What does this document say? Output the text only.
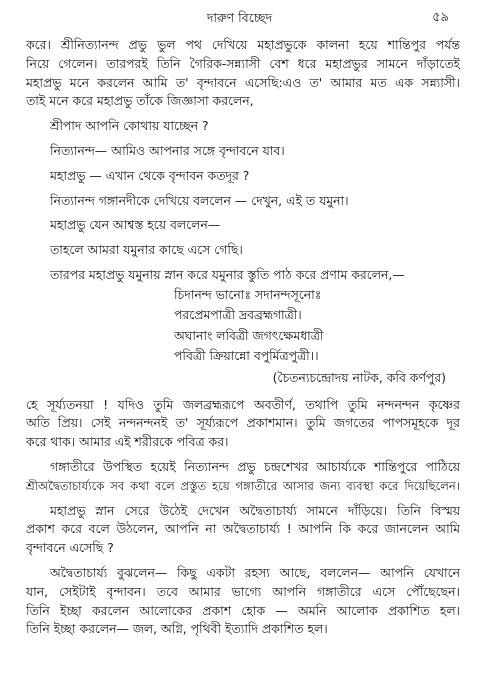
দারুণ বিচ্ছেদ	৫৯
করে। শ্রীনিত্যানন্দ প্রভু ভুল পথ দেখিয়ে মহাপ্রভুকে কালনা হয়ে শান্তিপুর পর্যন্ত
নিয়ে গেলেন। তারপরই তিনি গৈরিক-সন্ন্যাসী বেশ ধরে মহাপ্রভুর সামনে দাঁড়াতেই
মহাপ্রভু মনে করলেন আমি ত' বৃন্দাবনে এসেছি:এও ত' আমার মত এক সন্ন্যাসী।
তাই মনে করে মহাপ্রভু তাঁকে জিজ্ঞাসা করলেন,
শ্রীপাদ আপনি কোথায় যাচ্ছেন ?
নিত্যানন্দ— আমিও আপনার সঙ্গে বৃন্দাবনে যাব।
মহাপ্রভু — এখান থেকে বৃন্দাবন কতদূর ?
নিত্যানন্দ গঙ্গানদীকে দেখিয়ে বললেন — দেখুন, এই ত যমুনা।
মহাপ্রভু যেন আশ্বস্ত হয়ে বললেন—
তাহলে আমরা যমুনার কাছে এসে গেছি।
তারপর মহাপ্রভু যমুনায় স্নান করে যমুনার স্তুতি পাঠ করে প্রণাম করলেন,—
চিদানন্দ ভানোঃ সদানন্দসূনোঃ
পরপ্রেমপাত্রী দ্রবব্রহ্মগাত্রী।
অঘানাং লবিত্রী জগৎক্ষেমধাত্রী
পবিত্রী ক্রিয়ান্নো বপুর্মিত্রপুত্রী।।
(চৈতন্যচন্দ্রোদয় নাটক, কবি কর্ণপুর)
হে সূর্য্যতনয়া ! যদিও তুমি জলব্রহ্মরূপে অবতীর্ণ, তথাপি তুমি নন্দনন্দন কৃষ্ণের
অতি প্রিয়। সেই নন্দনন্দনই ত' সূর্য্যরূপে প্রকাশমান। তুমি জগতের পাপসমূহকে দূর
করে থাক। আমার এই শরীরকে পবিত্র কর।
গঙ্গাতীরে উপস্থিত হয়েই নিত্যানন্দ প্রভু চন্দ্রশেখর আচার্য্যকে শান্তিপুরে পাঠিয়ে
শ্রীঅদ্বৈতাচার্য্যকে সব কথা বলে প্রস্তুত হয়ে গঙ্গাতীরে আসার জন্য ব্যবস্থা করে দিয়েছিলেন।
মহাপ্রভু স্নান সেরে উঠেই দেখেন অদ্বৈতাচার্য্য সামনে দাঁড়িয়ে। তিনি বিস্ময়
প্রকাশ করে বলে উঠলেন, আপনি না অদ্বৈতাচার্য্য ! আপনি কি করে জানলেন আমি
বৃন্দাবনে এসেছি ?
অদ্বৈতাচার্য্য বুঝলেন— কিছু একটা রহস্য আছে, বললেন— আপনি যেখানে
যান, সেইটাই বৃন্দাবন। তবে আমার ভাগ্যে আপনি গঙ্গাতীরে এসে পৌঁছেছেন।
তিনি ইচ্ছা করলেন আলোকের প্রকাশ হোক — অমনি আলোক প্রকাশিত হল।
তিনি ইচ্ছা করলেন— জল, অগ্নি, পৃথিবী ইত্যাদি প্রকাশিত হল।
